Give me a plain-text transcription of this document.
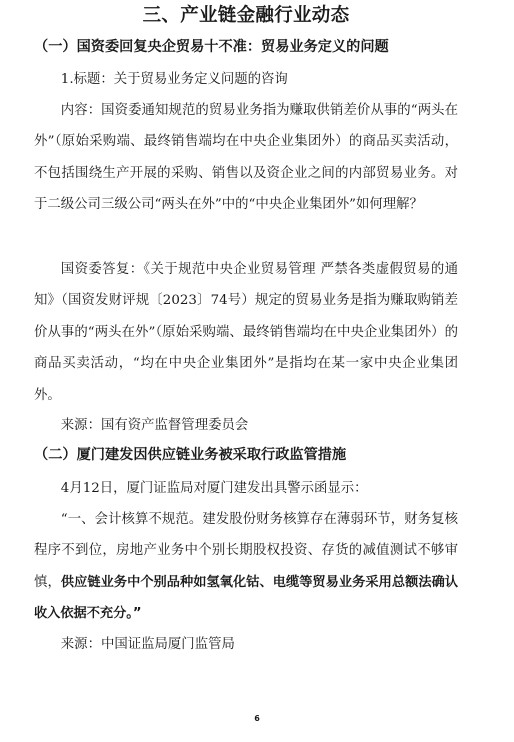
三、产业链金融行业动态
（一）国资委回复央企贸易十不准：贸易业务定义的问题

1.标题：关于贸易业务定义问题的咨询

内容：国资委通知规范的贸易业务指为赚取供销差价从事的“两头在外”（原始采购端、最终销售端均在中央企业集团外）的商品买卖活动，不包括围绕生产开展的采购、销售以及资企业之间的内部贸易业务。对于二级公司三级公司“两头在外”中的“中央企业集团外”如何理解？

国资委答复：《关于规范中央企业贸易管理 严禁各类虚假贸易的通知》（国资发财评规〔2023〕74号）规定的贸易业务是指为赚取购销差价从事的“两头在外”（原始采购端、最终销售端均在中央企业集团外）的商品买卖活动，“均在中央企业集团外”是指均在某一家中央企业集团外。

来源：国有资产监督管理委员会

（二）厦门建发因供应链业务被采取行政监管措施

4月12日，厦门证监局对厦门建发出具警示函显示：

“一、会计核算不规范。建发股份财务核算存在薄弱环节，财务复核程序不到位，房地产业务中个别长期股权投资、存货的减值测试不够审慎，供应链业务中个别品种如氢氧化钴、电缆等贸易业务采用总额法确认收入依据不充分。”

来源：中国证监局厦门监管局

6
